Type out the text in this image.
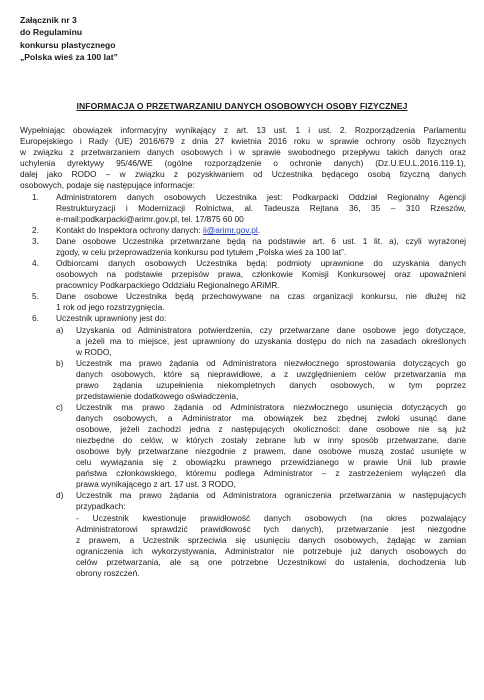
Załącznik nr 3
do Regulaminu
konkursu plastycznego
„Polska wieś za 100 lat”
INFORMACJA O PRZETWARZANIU DANYCH OSOBOWYCH OSOBY FIZYCZNEJ
Wypełniając obowiązek informacyjny wynikający z art. 13 ust. 1 i ust. 2. Rozporządzenia Parlamentu
Europejskiego i Rady (UE) 2016/679 z dnia 27 kwietnia 2016 roku w sprawie ochrony osób fizycznych
w związku z przetwarzaniem danych osobowych i w sprawie swobodnego przepływu takich danych oraz
uchylenia dyrektywy 95/46/WE (ogólne rozporządzenie o ochronie danych) (Dz.U.EU.L.2016.119.1),
dalej jako RODO – w związku z pozyskiwaniem od Uczestnika będącego osobą fizyczną danych
osobowych, podaje się następujące informacje:
1. Administratorem danych osobowych Uczestnika jest: Podkarpacki Oddział Regionalny Agencji
Restrukturyzacji i Modernizacji Rolnictwa, al. Tadeusza Rejtana 36, 35 – 310 Rzeszów,
e-mail:podkarpacki@arimr.gov.pl, tel. 17/875 60 00
2. Kontakt do Inspektora ochrony danych: ii@arimr.gov.pl.
3. Dane osobowe Uczestnika przetwarzane będą na podstawie art. 6 ust. 1 lit. a), czyli wyrażonej
zgody, w celu przeprowadzenia konkursu pod tytułem „Polska wieś za 100 lat”.
4. Odbiorcami danych osobowych Uczestnika będą: podmioty uprawnione do uzyskania danych
osobowych na podstawie przepisów prawa, członkowie Komisji Konkursowej oraz upoważnieni
pracownicy Podkarpackiego Oddziału Regionalnego ARiMR.
5. Dane osobowe Uczestnika będą przechowywane na czas organizacji konkursu, nie dłużej niż
1 rok od jego rozstrzygnięcia.
6. Uczestnik uprawniony jest do:
a) Uzyskania od Administratora potwierdzenia, czy przetwarzane dane osobowe jego dotyczące,
a jeżeli ma to miejsce, jest uprawniony do uzyskania dostępu do nich na zasadach określonych
w RODO,
b) Uczestnik ma prawo żądania od Administratora niezwłocznego sprostowania dotyczących go
danych osobowych, które są nieprawidłowe, a z uwzględnieniem celów przetwarzania ma
prawo żądania uzupełnienia niekompletnych danych osobowych, w tym poprzez
przedstawienie dodatkowego oświadczenia,
c) Uczestnik ma prawo żądania od Administratora niezwłocznego usunięcia dotyczących go
danych osobowych, a Administrator ma obowiązek bez zbędnej zwłoki usunąć dane
osobowe, jeżeli zachodzi jedna z następujących okoliczności: dane osobowe nie są już
niezbędne do celów, w których zostały zebrane lub w inny sposób przetwarzane, dane
osobowe były przetwarzane niezgodnie z prawem, dane osobowe muszą zostać usunięte w
celu wywiązania się z obowiązku prawnego przewidzianego w prawie Unii lub prawie
państwa członkowskiego, któremu podlega Administrator – z zastrzeżeniem wyłączeń dla
prawa wynikającego z art. 17 ust. 3 RODO,
d) Uczestnik ma prawo żądania od Administratora ograniczenia przetwarzania w następujących
przypadkach:
- Uczestnik kwestionuje prawidłowość danych osobowych (na okres pozwalający
Administratorowi sprawdzić prawidłowość tych danych), przetwarzanie jest niezgodne
z prawem, a Uczestnik sprzeciwia się usunięciu danych osobowych, żądając w zamian
ograniczenia ich wykorzystywania, Administrator nie potrzebuje już danych osobowych do
celów przetwarzania, ale są one potrzebne Uczestnikowi do ustalenia, dochodzenia lub
obrony roszczeń.
